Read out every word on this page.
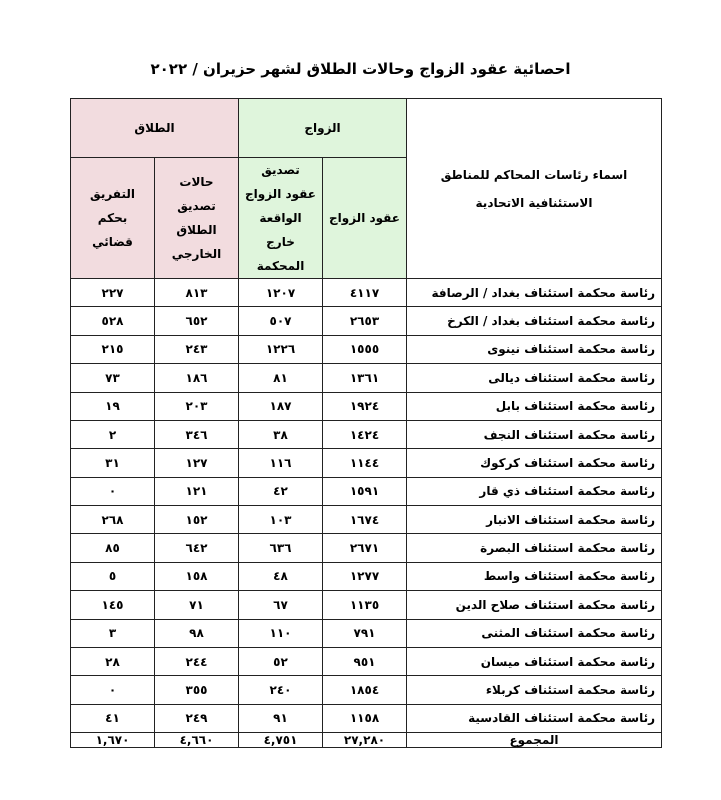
احصائية عقود الزواج وحالات الطلاق لشهر حزيران / ٢٠٢٢
اسماء رئاسات المحاكم للمناطق الاستئنافية الاتحادية	الزواج		الطلاق	
	عقود الزواج	تصديق عقود الزواج الواقعة خارج المحكمة	حالات تصديق الطلاق الخارجي	التفريق بحكم قضائي
رئاسة محكمة استئناف بغداد / الرصافة	٤١١٧	١٢٠٧	٨١٣	٢٢٧
رئاسة محكمة استئناف بغداد / الكرخ	٢٦٥٣	٥٠٧	٦٥٢	٥٢٨
رئاسة محكمة استئناف نينوى	١٥٥٥	١٢٢٦	٢٤٣	٢١٥
رئاسة محكمة استئناف ديالى	١٣٦١	٨١	١٨٦	٧٣
رئاسة محكمة استئناف بابل	١٩٢٤	١٨٧	٢٠٣	١٩
رئاسة محكمة استئناف النجف	١٤٢٤	٣٨	٣٤٦	٢
رئاسة محكمة استئناف كركوك	١١٤٤	١١٦	١٢٧	٣١
رئاسة محكمة استئناف ذي قار	١٥٩١	٤٢	١٢١	٠
رئاسة محكمة استئناف الانبار	١٦٧٤	١٠٣	١٥٢	٢٦٨
رئاسة محكمة استئناف البصرة	٢٦٧١	٦٣٦	٦٤٢	٨٥
رئاسة محكمة استئناف واسط	١٢٧٧	٤٨	١٥٨	٥
رئاسة محكمة استئناف صلاح الدين	١١٣٥	٦٧	٧١	١٤٥
رئاسة محكمة استئناف المثنى	٧٩١	١١٠	٩٨	٣
رئاسة محكمة استئناف ميسان	٩٥١	٥٢	٢٤٤	٢٨
رئاسة محكمة استئناف كربلاء	١٨٥٤	٢٤٠	٣٥٥	٠
رئاسة محكمة استئناف القادسية	١١٥٨	٩١	٢٤٩	٤١
المجموع	٢٧,٢٨٠	٤,٧٥١	٤,٦٦٠	١,٦٧٠
